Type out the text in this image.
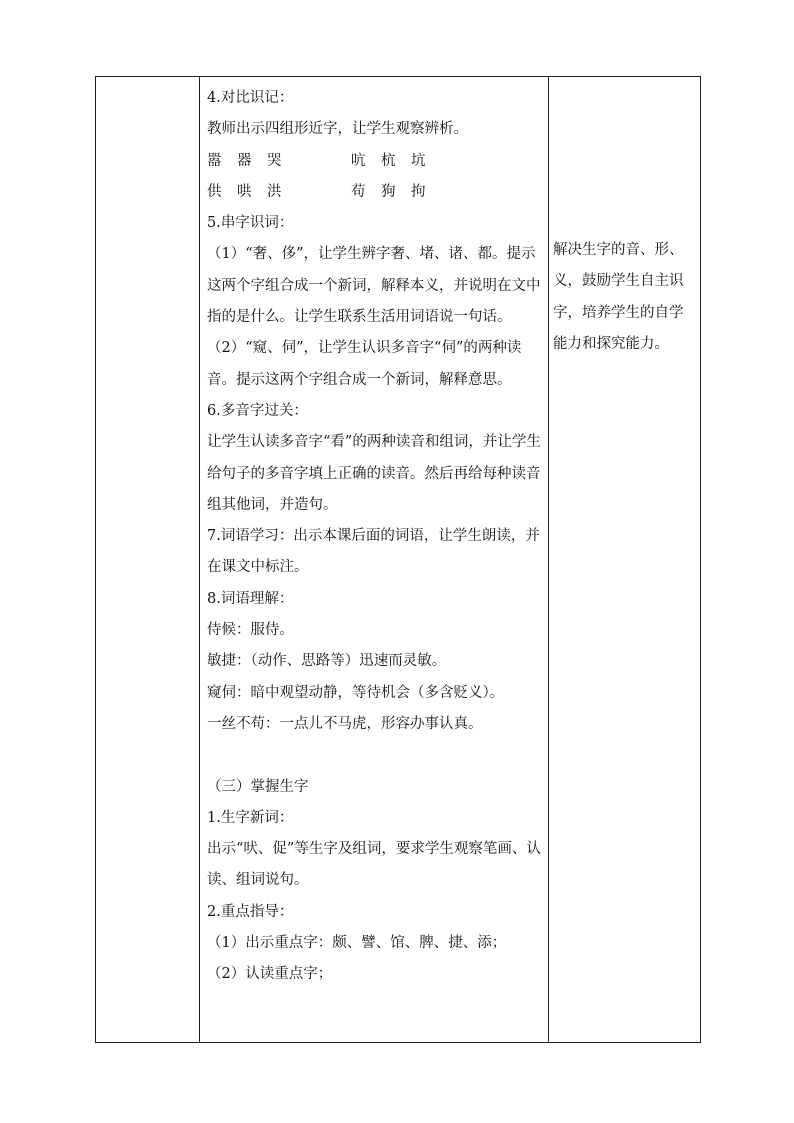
4.对比识记：

教师出示四组形近字，让学生观察辨析。

嚣 器 哭	吭 杭 坑

供 哄 洪	苟 狗 拘

5.串字识词：

（1）“奢、侈”，让学生辨字奢、堵、诸、都。提示这两个字组合成一个新词，解释本义，并说明在文中指的是什么。让学生联系生活用词语说一句话。

（2）“窥、伺”，让学生认识多音字“伺”的两种读音。提示这两个字组合成一个新词，解释意思。

6.多音字过关：

让学生认读多音字“看”的两种读音和组词，并让学生给句子的多音字填上正确的读音。然后再给每种读音组其他词，并造句。

7.词语学习：出示本课后面的词语，让学生朗读，并在课文中标注。

8.词语理解：

侍候：服侍。

敏捷：（动作、思路等）迅速而灵敏。

窥伺：暗中观望动静，等待机会（多含贬义）。

一丝不苟：一点儿不马虎，形容办事认真。

（三）掌握生字

1.生字新词：

出示“吠、促”等生字及组词，要求学生观察笔画、认读、组词说句。

2.重点指导：

（1）出示重点字：颇、譬、馆、脾、捷、添；

（2）认读重点字；

解决生字的音、形、义，鼓励学生自主识字，培养学生的自学能力和探究能力。
